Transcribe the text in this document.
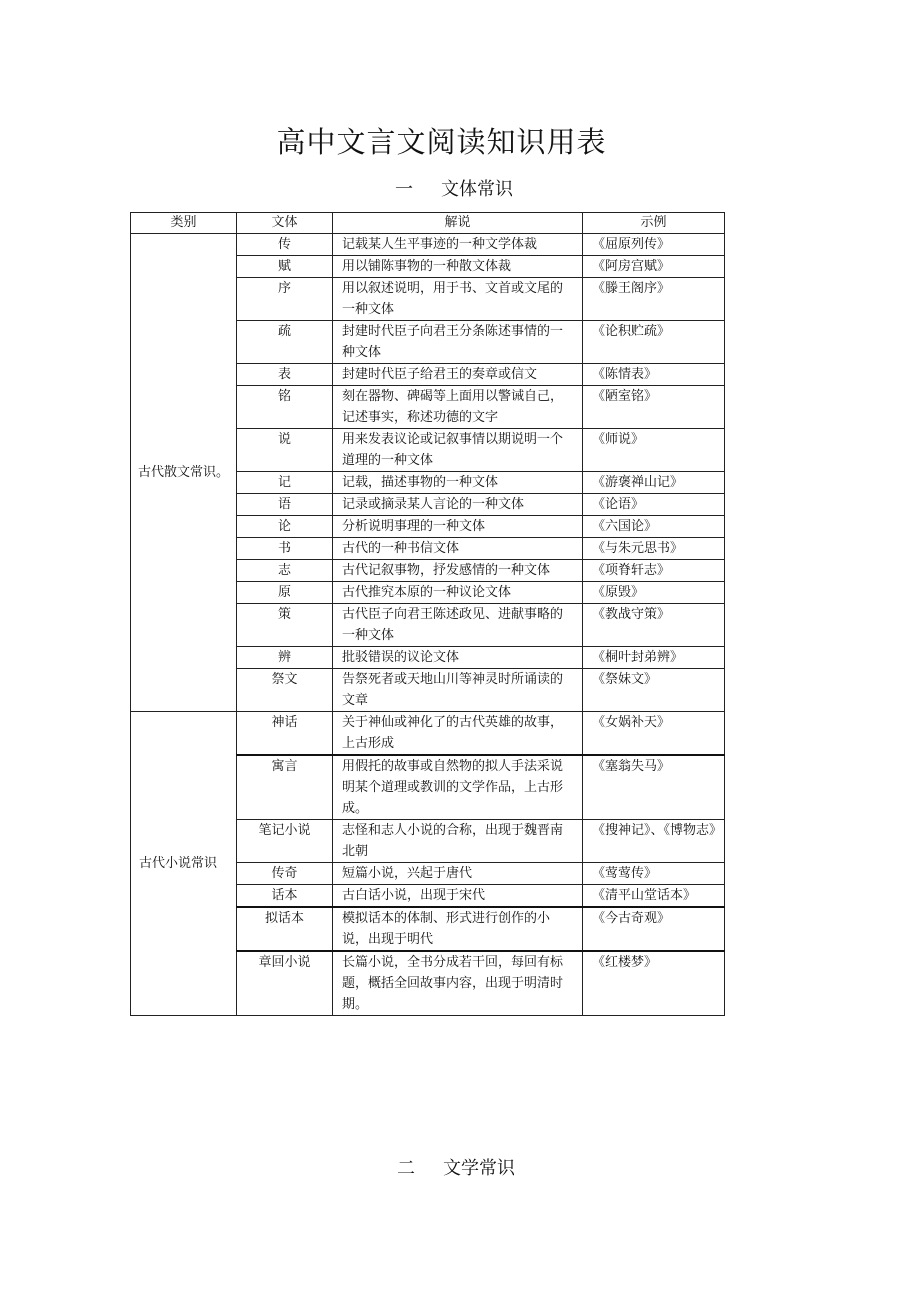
高中文言文阅读知识用表
一 文体常识
类别	文体	解说	示例
古代散文常识。	传	记载某人生平事迹的一种文学体裁	《屈原列传》
	赋	用以铺陈事物的一种散文体裁	《阿房宫赋》
	序	用以叙述说明，用于书、文首或文尾的一种文体	《滕王阁序》
	疏	封建时代臣子向君王分条陈述事情的一种文体	《论积贮疏》
	表	封建时代臣子给君王的奏章或信文	《陈情表》
	铭	刻在器物、碑碣等上面用以警诫自己，记述事实，称述功德的文字	《陋室铭》
	说	用来发表议论或记叙事情以期说明一个道理的一种文体	《师说》
	记	记载，描述事物的一种文体	《游褒禅山记》
	语	记录或摘录某人言论的一种文体	《论语》
	论	分析说明事理的一种文体	《六国论》
	书	古代的一种书信文体	《与朱元思书》
	志	古代记叙事物，抒发感情的一种文体	《项脊轩志》
	原	古代推究本原的一种议论文体	《原毁》
	策	古代臣子向君王陈述政见、进献事略的一种文体	《教战守策》
	辨	批驳错误的议论文体	《桐叶封弟辨》
	祭文	告祭死者或天地山川等神灵时所诵读的文章	《祭妹文》
古代小说常识	神话	关于神仙或神化了的古代英雄的故事，上古形成	《女娲补天》
	寓言	用假托的故事或自然物的拟人手法采说明某个道理或教训的文学作品，上古形成。	《塞翁失马》
	笔记小说	志怪和志人小说的合称，出现于魏晋南北朝	《搜神记》、《博物志》
	传奇	短篇小说，兴起于唐代	《莺莺传》
	话本	古白话小说，出现于宋代	《清平山堂话本》
	拟话本	模拟话本的体制、形式进行创作的小说，出现于明代	《今古奇观》
	章回小说	长篇小说，全书分成若干回，每回有标题，概括全回故事内容，出现于明清时期。	《红楼梦》
二 文学常识
